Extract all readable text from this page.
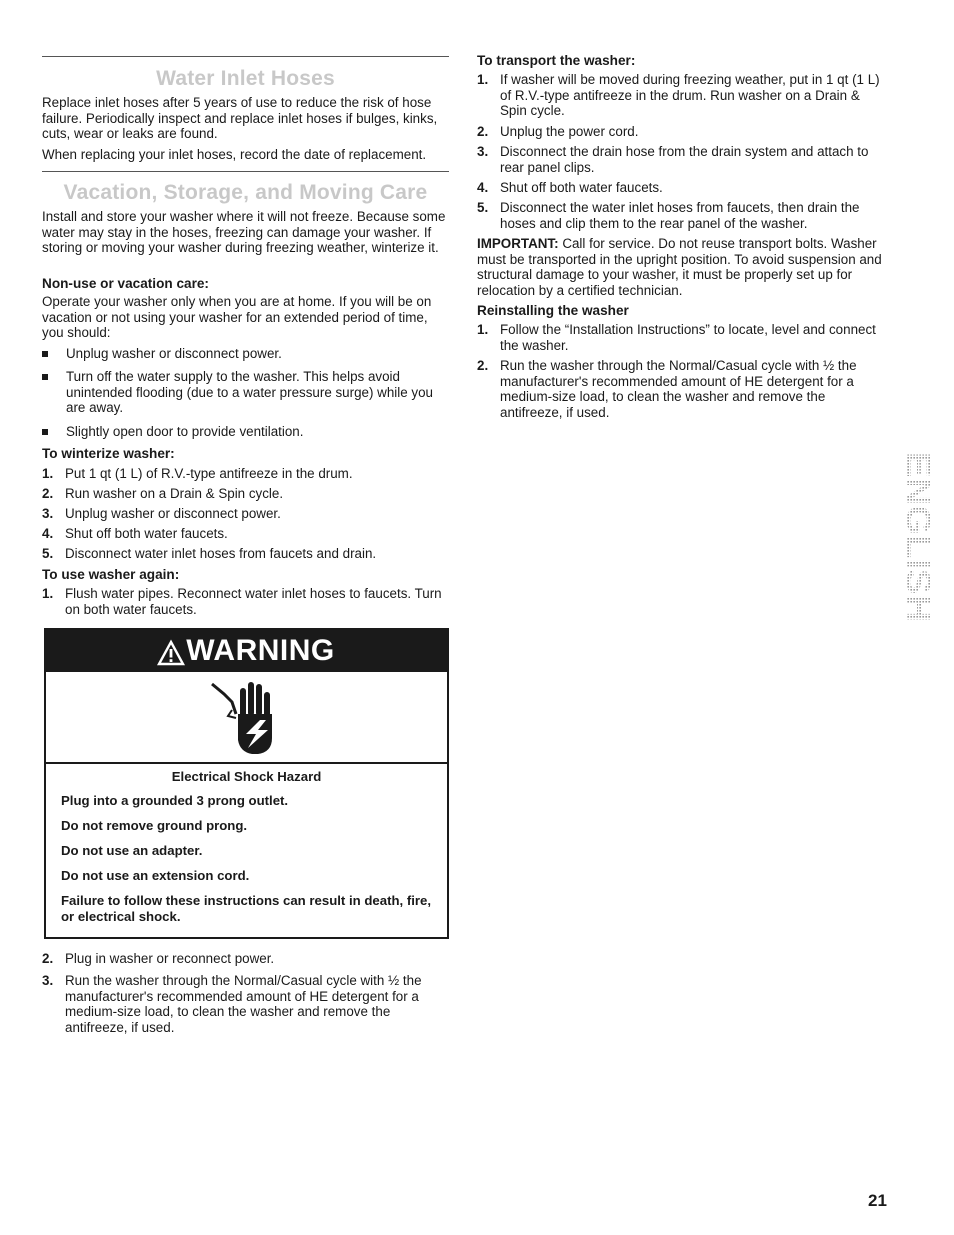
Water Inlet Hoses

Replace inlet hoses after 5 years of use to reduce the risk of hose failure. Periodically inspect and replace inlet hoses if bulges, kinks, cuts, wear or leaks are found.

When replacing your inlet hoses, record the date of replacement.

Vacation, Storage, and Moving Care

Install and store your washer where it will not freeze. Because some water may stay in the hoses, freezing can damage your washer. If storing or moving your washer during freezing weather, winterize it.

Non-use or vacation care:

Operate your washer only when you are at home. If you will be on vacation or not using your washer for an extended period of time, you should:

Unplug washer or disconnect power.
Turn off the water supply to the washer. This helps avoid unintended flooding (due to a water pressure surge) while you are away.
Slightly open door to provide ventilation.

To winterize washer:

1. Put 1 qt (1 L) of R.V.-type antifreeze in the drum.
2. Run washer on a Drain & Spin cycle.
3. Unplug washer or disconnect power.
4. Shut off both water faucets.
5. Disconnect water inlet hoses from faucets and drain.

To use washer again:

1. Flush water pipes. Reconnect water inlet hoses to faucets. Turn on both water faucets.
2. Plug in washer or reconnect power.
3. Run the washer through the Normal/Casual cycle with ½ the manufacturer's recommended amount of HE detergent for a medium-size load, to clean the washer and remove the antifreeze, if used.
WARNING
Electrical Shock Hazard
Plug into a grounded 3 prong outlet.
Do not remove ground prong.
Do not use an adapter.
Do not use an extension cord.
Failure to follow these instructions can result in death, fire, or electrical shock.

To transport the washer:

1. If washer will be moved during freezing weather, put in 1 qt (1 L) of R.V.-type antifreeze in the drum. Run washer on a Drain & Spin cycle.
2. Unplug the power cord.
3. Disconnect the drain hose from the drain system and attach to rear panel clips.
4. Shut off both water faucets.
5. Disconnect the water inlet hoses from faucets, then drain the hoses and clip them to the rear panel of the washer.

IMPORTANT: Call for service. Do not reuse transport bolts. Washer must be transported in the upright position. To avoid suspension and structural damage to your washer, it must be properly set up for relocation by a certified technician.

Reinstalling the washer

1. Follow the “Installation Instructions” to locate, level and connect the washer.
2. Run the washer through the Normal/Casual cycle with ½ the manufacturer's recommended amount of HE detergent for a medium-size load, to clean the washer and remove the antifreeze, if used.
ENGLISH
21
